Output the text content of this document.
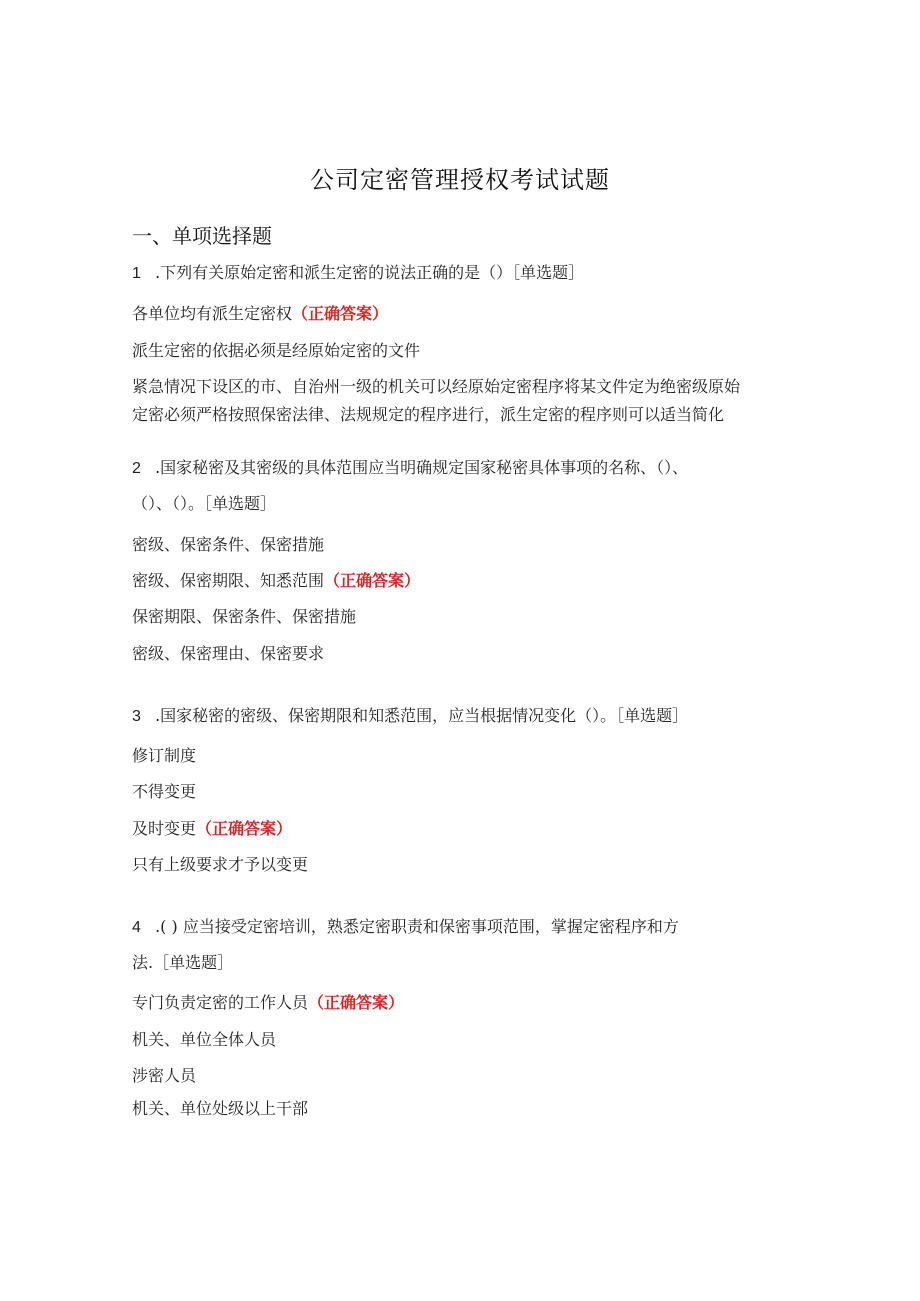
公司定密管理授权考试试题
一、单项选择题
1 .下列有关原始定密和派生定密的说法正确的是（）［单选题］
各单位均有派生定密权（正确答案）
派生定密的依据必须是经原始定密的文件
紧急情况下设区的市、自治州一级的机关可以经原始定密程序将某文件定为绝密级原始
定密必须严格按照保密法律、法规规定的程序进行，派生定密的程序则可以适当简化
2 .国家秘密及其密级的具体范围应当明确规定国家秘密具体事项的名称、（）、
（）、（）。［单选题］
密级、保密条件、保密措施
密级、保密期限、知悉范围（正确答案）
保密期限、保密条件、保密措施
密级、保密理由、保密要求
3 .国家秘密的密级、保密期限和知悉范围，应当根据情况变化（）。［单选题］
修订制度
不得变更
及时变更（正确答案）
只有上级要求才予以变更
4 .( ) 应当接受定密培训，熟悉定密职责和保密事项范围，掌握定密程序和方
法.［单选题］
专门负责定密的工作人员（正确答案）
机关、单位全体人员
涉密人员
机关、单位处级以上干部
